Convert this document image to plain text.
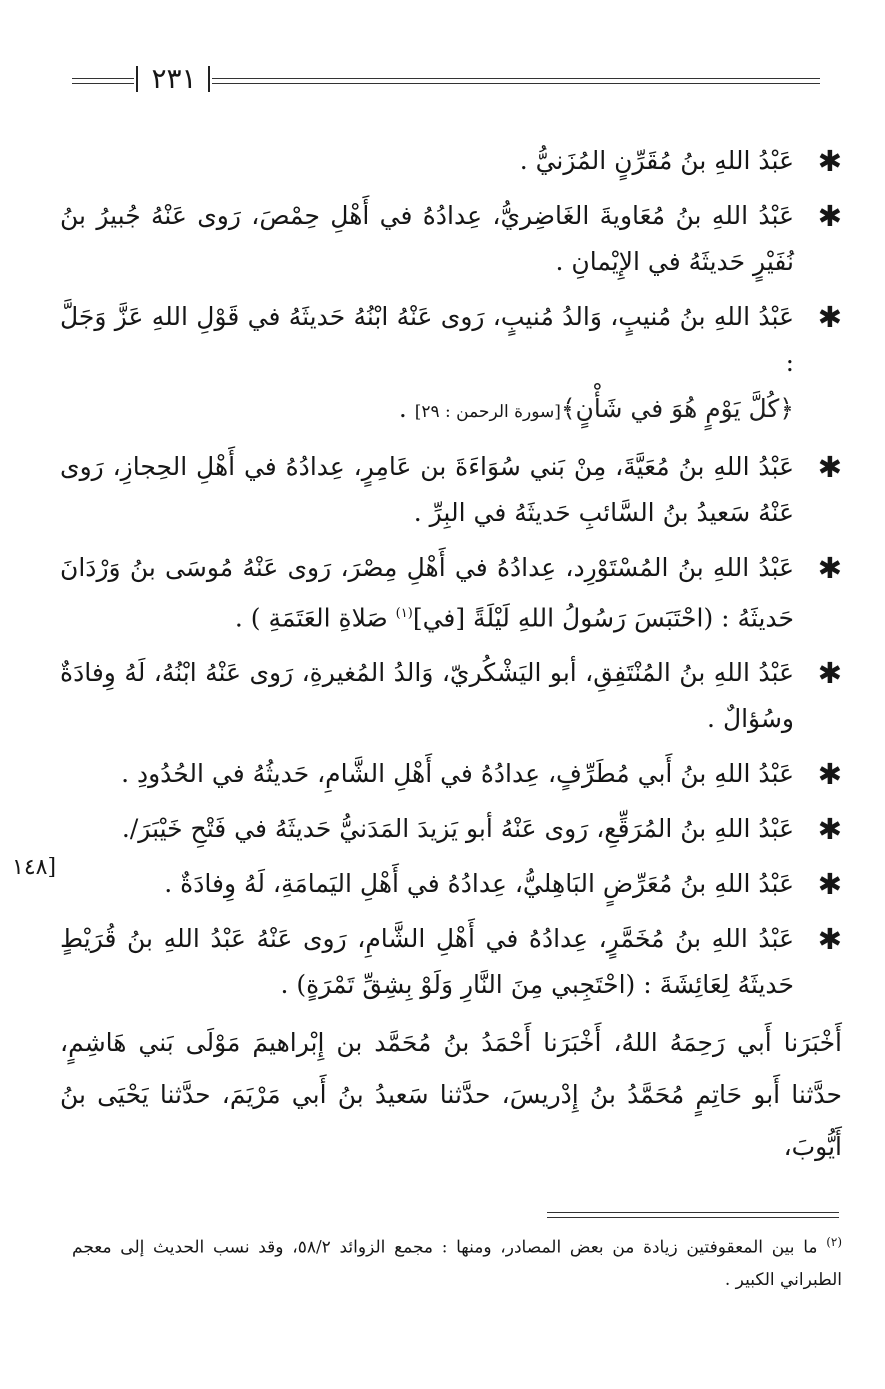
٢٣١
✱
عَبْدُ اللهِ بنُ مُقَرِّنٍ المُزَنيُّ .
✱
عَبْدُ اللهِ بنُ مُعَاويةَ الغَاضِريُّ، عِدادُهُ في أَهْلِ حِمْصَ، رَوى عَنْهُ جُبيرُ بنُ نُفَيْرٍ حَديثَهُ في الإِيْمانِ .
✱
عَبْدُ اللهِ بنُ مُنيبٍ، وَالدُ مُنيبٍ، رَوى عَنْهُ ابْنُهُ حَديثَهُ في قَوْلِ اللهِ عَزَّ وَجَلَّ :
﴿كُلَّ يَوْمٍ هُوَ في شَأْنٍ﴾[سورة الرحمن : ٢٩] .
✱
عَبْدُ اللهِ بنُ مُعَيَّةَ، مِنْ بَني سُوَاءَةَ بن عَامِرٍ، عِدادُهُ في أَهْلِ الحِجازِ، رَوى عَنْهُ سَعيدُ بنُ السَّائبِ حَديثَهُ في البِرِّ .
✱
عَبْدُ اللهِ بنُ المُسْتَوْرِد، عِدادُهُ في أَهْلِ مِصْرَ، رَوى عَنْهُ مُوسَى بنُ وَرْدَانَ حَديثَهُ : (احْتَبَسَ رَسُولُ اللهِ لَيْلَةً [في]$^{(١)}$ صَلاةِ العَتَمَةِ ) .
✱
عَبْدُ اللهِ بنُ المُنْتَفِقِ، أبو اليَشْكُريّ، وَالدُ المُغيرةِ، رَوى عَنْهُ ابْنُهُ، لَهُ وِفادَةٌ وسُؤالٌ .
✱
عَبْدُ اللهِ بنُ أَبي مُطَرِّفٍ، عِدادُهُ في أَهْلِ الشَّامِ، حَديثُهُ في الحُدُودِ .
✱
عَبْدُ اللهِ بنُ المُرَقِّعِ، رَوى عَنْهُ أبو يَزيدَ المَدَنيُّ حَديثَهُ في فَتْحِ خَيْبَرَ/.
✱
عَبْدُ اللهِ بنُ مُعَرِّضٍ البَاهِليُّ، عِدادُهُ في أَهْلِ اليَمامَةِ، لَهُ وِفادَةٌ .
✱
عَبْدُ اللهِ بنُ مُخَمَّرٍ، عِدادُهُ في أَهْلِ الشَّامِ، رَوى عَنْهُ عَبْدُ اللهِ بنُ قُرَيْطٍ حَديثَهُ لِعَائِشَةَ : (احْتَجِبي مِنَ النَّارِ وَلَوْ بِشِقِّ تَمْرَةٍ) .
أَخْبَرَنا أَبي رَحِمَهُ اللهُ، أَخْبَرَنا أَحْمَدُ بنُ مُحَمَّد بن إِبْراهيمَ مَوْلَى بَني هَاشِمٍ، حدَّثنا أَبو حَاتِمٍ مُحَمَّدُ بنُ إِدْريسَ، حدَّثنا سَعيدُ بنُ أَبي مَرْيَمَ، حدَّثنا يَحْيَى بنُ أَيُّوبَ،
١٤٨]
$^{(٢)}$ ما بين المعقوفتين زيادة من بعض المصادر، ومنها : مجمع الزوائد ٥٨/٢، وقد نسب الحديث إلى معجم الطبراني الكبير .
